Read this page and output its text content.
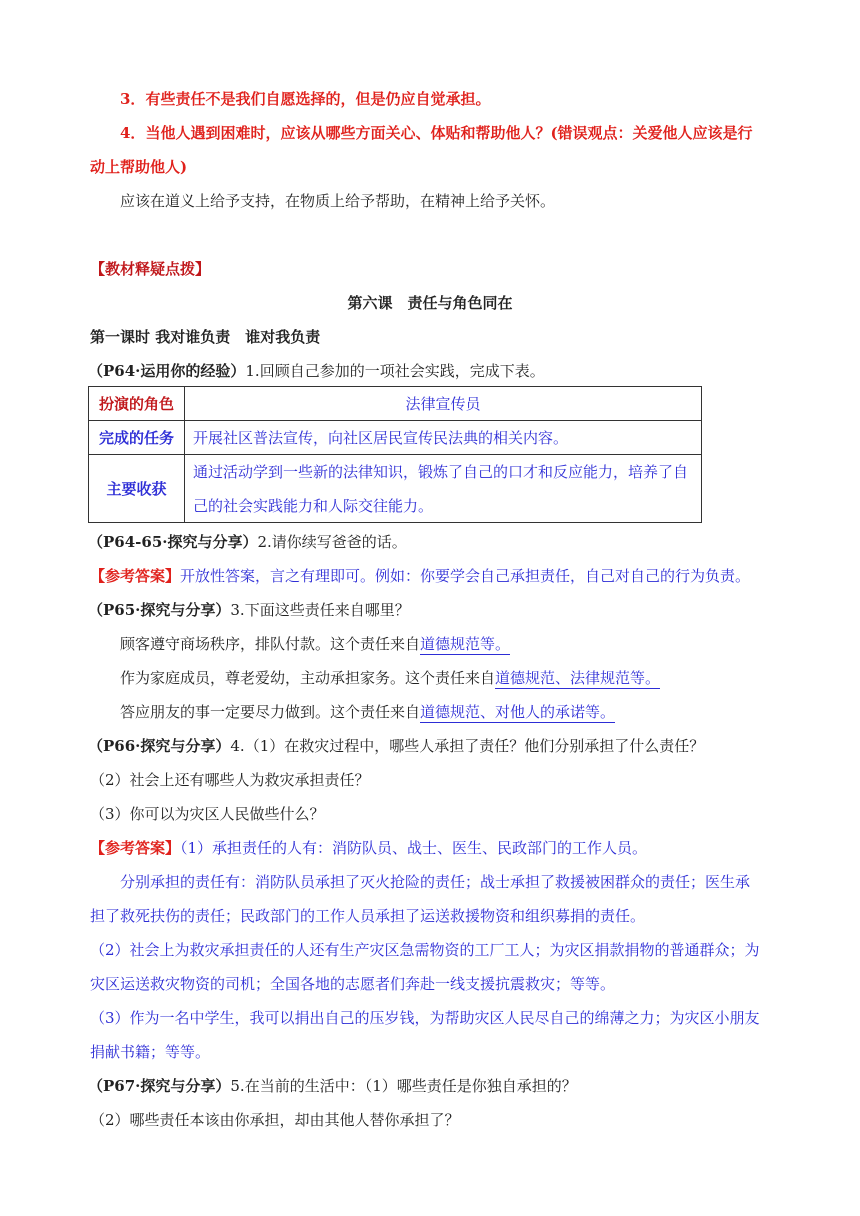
3．有些责任不是我们自愿选择的，但是仍应自觉承担。
4．当他人遇到困难时，应该从哪些方面关心、体贴和帮助他人？(错误观点：关爱他人应该是行
动上帮助他人)
应该在道义上给予支持，在物质上给予帮助，在精神上给予关怀。
【教材释疑点拨】
第六课　责任与角色同在
第一课时 我对谁负责　谁对我负责
（P64·运用你的经验）1.回顾自己参加的一项社会实践，完成下表。
扮演的角色	法律宣传员
完成的任务	开展社区普法宣传，向社区居民宣传民法典的相关内容。
主要收获	通过活动学到一些新的法律知识，锻炼了自己的口才和反应能力，培养了自
己的社会实践能力和人际交往能力。
（P64-65·探究与分享）2.请你续写爸爸的话。
【参考答案】开放性答案，言之有理即可。例如：你要学会自己承担责任，自己对自己的行为负责。
（P65·探究与分享）3.下面这些责任来自哪里？
顾客遵守商场秩序，排队付款。这个责任来自道德规范等。
作为家庭成员，尊老爱幼，主动承担家务。这个责任来自道德规范、法律规范等。
答应朋友的事一定要尽力做到。这个责任来自道德规范、对他人的承诺等。
（P66·探究与分享）4.（1）在救灾过程中，哪些人承担了责任？他们分别承担了什么责任？
（2）社会上还有哪些人为救灾承担责任？
（3）你可以为灾区人民做些什么？
【参考答案】（1）承担责任的人有：消防队员、战士、医生、民政部门的工作人员。
分别承担的责任有：消防队员承担了灭火抢险的责任；战士承担了救援被困群众的责任；医生承
担了救死扶伤的责任；民政部门的工作人员承担了运送救援物资和组织募捐的责任。
（2）社会上为救灾承担责任的人还有生产灾区急需物资的工厂工人；为灾区捐款捐物的普通群众；为
灾区运送救灾物资的司机；全国各地的志愿者们奔赴一线支援抗震救灾；等等。
（3）作为一名中学生，我可以捐出自己的压岁钱，为帮助灾区人民尽自己的绵薄之力；为灾区小朋友
捐献书籍；等等。
（P67·探究与分享）5.在当前的生活中：（1）哪些责任是你独自承担的？
（2）哪些责任本该由你承担，却由其他人替你承担了？
